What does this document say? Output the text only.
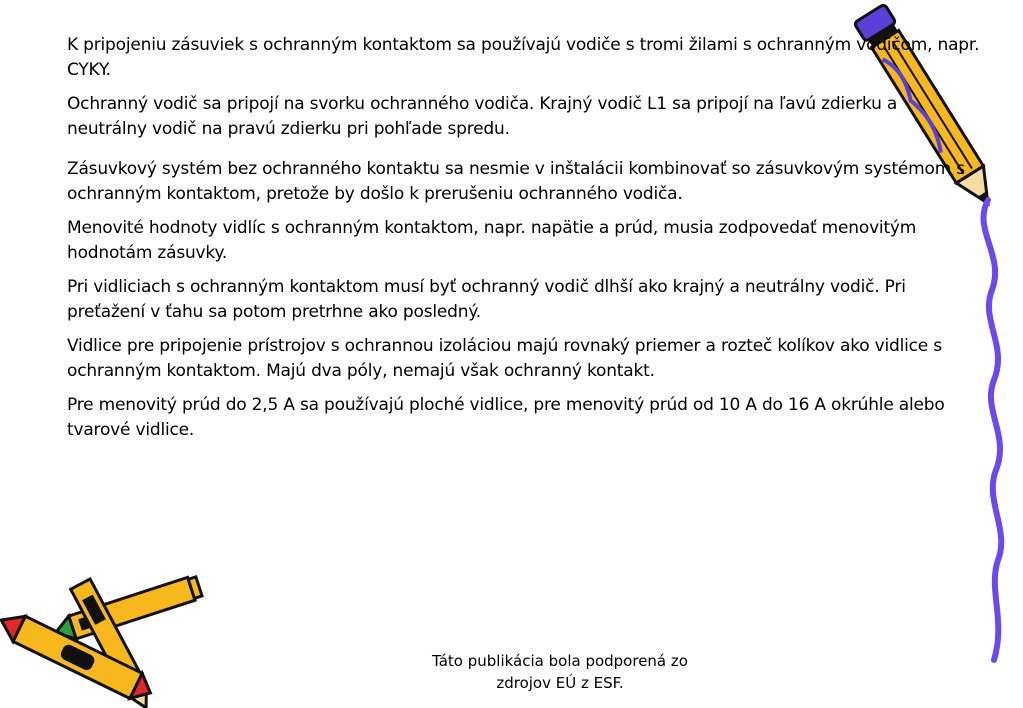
K pripojeniu zásuviek s ochranným kontaktom sa používajú vodiče s tromi žilami s ochranným vodičom, napr. CYKY.

Ochranný vodič sa pripojí na svorku ochranného vodiča. Krajný vodič L1 sa pripojí na ľavú zdierku a neutrálny vodič na pravú zdierku pri pohľade spredu.

Zásuvkový systém bez ochranného kontaktu sa nesmie v inštalácii kombinovať so zásuvkovým systémom s ochranným kontaktom, pretože by došlo k prerušeniu ochranného vodiča.

Menovité hodnoty vidlíc s ochranným kontaktom, napr. napätie a prúd, musia zodpovedať menovitým hodnotám zásuvky.

Pri vidliciach s ochranným kontaktom musí byť ochranný vodič dlhší ako krajný a neutrálny vodič. Pri preťažení v ťahu sa potom pretrhne ako posledný.

Vidlice pre pripojenie prístrojov s ochrannou izoláciou majú rovnaký priemer a rozteč kolíkov ako vidlice s ochranným kontaktom. Majú dva póly, nemajú však ochranný kontakt.

Pre menovitý prúd do 2,5 A sa používajú ploché vidlice, pre menovitý prúd od 10 A do 16 A okrúhle alebo tvarové vidlice.

Táto publikácia bola podporená zo
zdrojov EÚ z ESF.
